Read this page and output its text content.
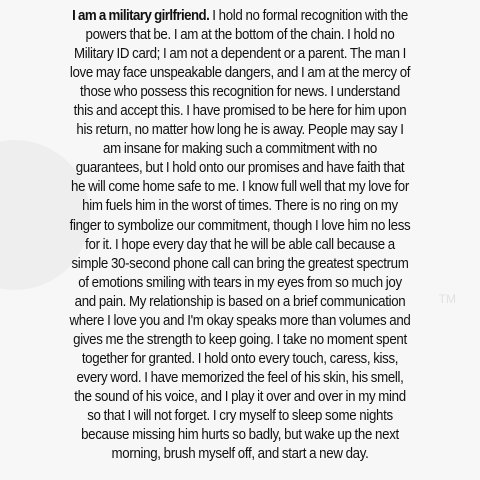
TM
I am a military girlfriend. I hold no formal recognition with the powers that be. I am at the bottom of the chain. I hold no Military ID card; I am not a dependent or a parent. The man I love may face unspeakable dangers, and I am at the mercy of those who possess this recognition for news. I understand this and accept this. I have promised to be here for him upon his return, no matter how long he is away. People may say I am insane for making such a commitment with no guarantees, but I hold onto our promises and have faith that he will come home safe to me. I know full well that my love for him fuels him in the worst of times. There is no ring on my finger to symbolize our commitment, though I love him no less for it. I hope every day that he will be able call because a simple 30-second phone call can bring the greatest spectrum of emotions smiling with tears in my eyes from so much joy and pain. My relationship is based on a brief communication where I love you and I'm okay speaks more than volumes and gives me the strength to keep going. I take no moment spent together for granted. I hold onto every touch, caress, kiss, every word. I have memorized the feel of his skin, his smell, the sound of his voice, and I play it over and over in my mind so that I will not forget. I cry myself to sleep some nights because missing him hurts so badly, but wake up the next morning, brush myself off, and start a new day.
